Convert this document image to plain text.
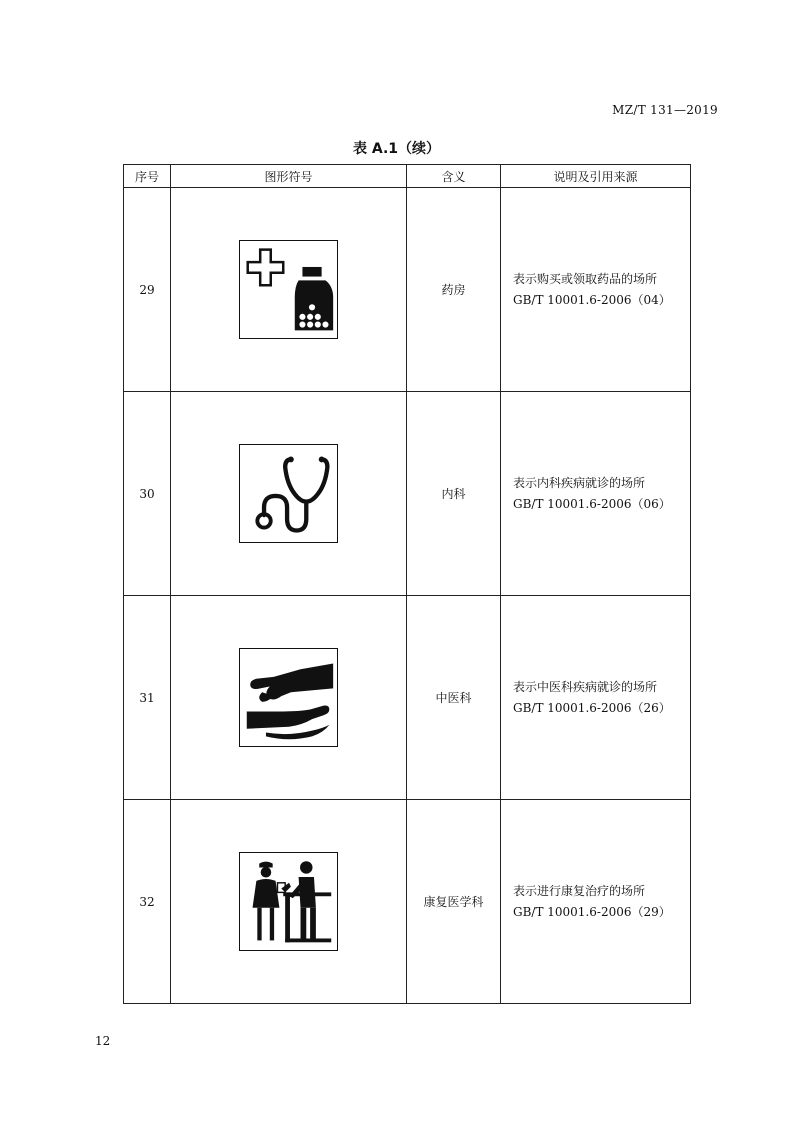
MZ/T 131—2019
表 A.1（续）
序号	图形符号	含义	说明及引用来源
29		药房	表示购买或领取药品的场所
GB/T 10001.6-2006（04）

30		内科	表示内科疾病就诊的场所
GB/T 10001.6-2006（06）

31		中医科	表示中医科疾病就诊的场所
GB/T 10001.6-2006（26）

32		康复医学科	表示进行康复治疗的场所
GB/T 10001.6-2006（29）
12
